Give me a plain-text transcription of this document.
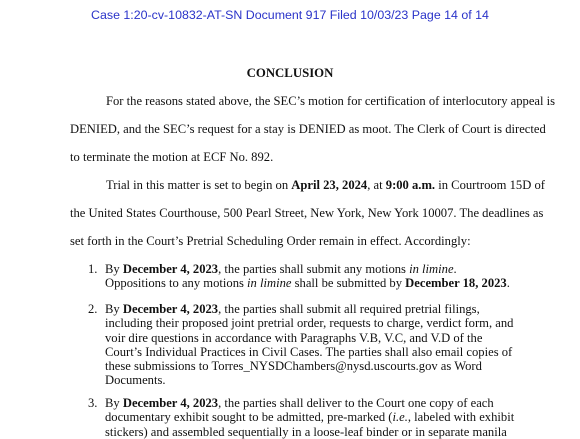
Case 1:20-cv-10832-AT-SN Document 917 Filed 10/03/23 Page 14 of 14
CONCLUSION
For the reasons stated above, the SEC’s motion for certification of interlocutory appeal is
DENIED, and the SEC’s request for a stay is DENIED as moot. The Clerk of Court is directed
to terminate the motion at ECF No. 892.
Trial in this matter is set to begin on April 23, 2024, at 9:00 a.m. in Courtroom 15D of
the United States Courthouse, 500 Pearl Street, New York, New York 10007. The deadlines as
set forth in the Court’s Pretrial Scheduling Order remain in effect. Accordingly:
1. By December 4, 2023, the parties shall submit any motions in limine.
Oppositions to any motions in limine shall be submitted by December 18, 2023.
2. By December 4, 2023, the parties shall submit all required pretrial filings,
including their proposed joint pretrial order, requests to charge, verdict form, and
voir dire questions in accordance with Paragraphs V.B, V.C, and V.D of the
Court’s Individual Practices in Civil Cases. The parties shall also email copies of
these submissions to Torres_NYSDChambers@nysd.uscourts.gov as Word
Documents.
3. By December 4, 2023, the parties shall deliver to the Court one copy of each
documentary exhibit sought to be admitted, pre-marked (i.e., labeled with exhibit
stickers) and assembled sequentially in a loose-leaf binder or in separate manila
